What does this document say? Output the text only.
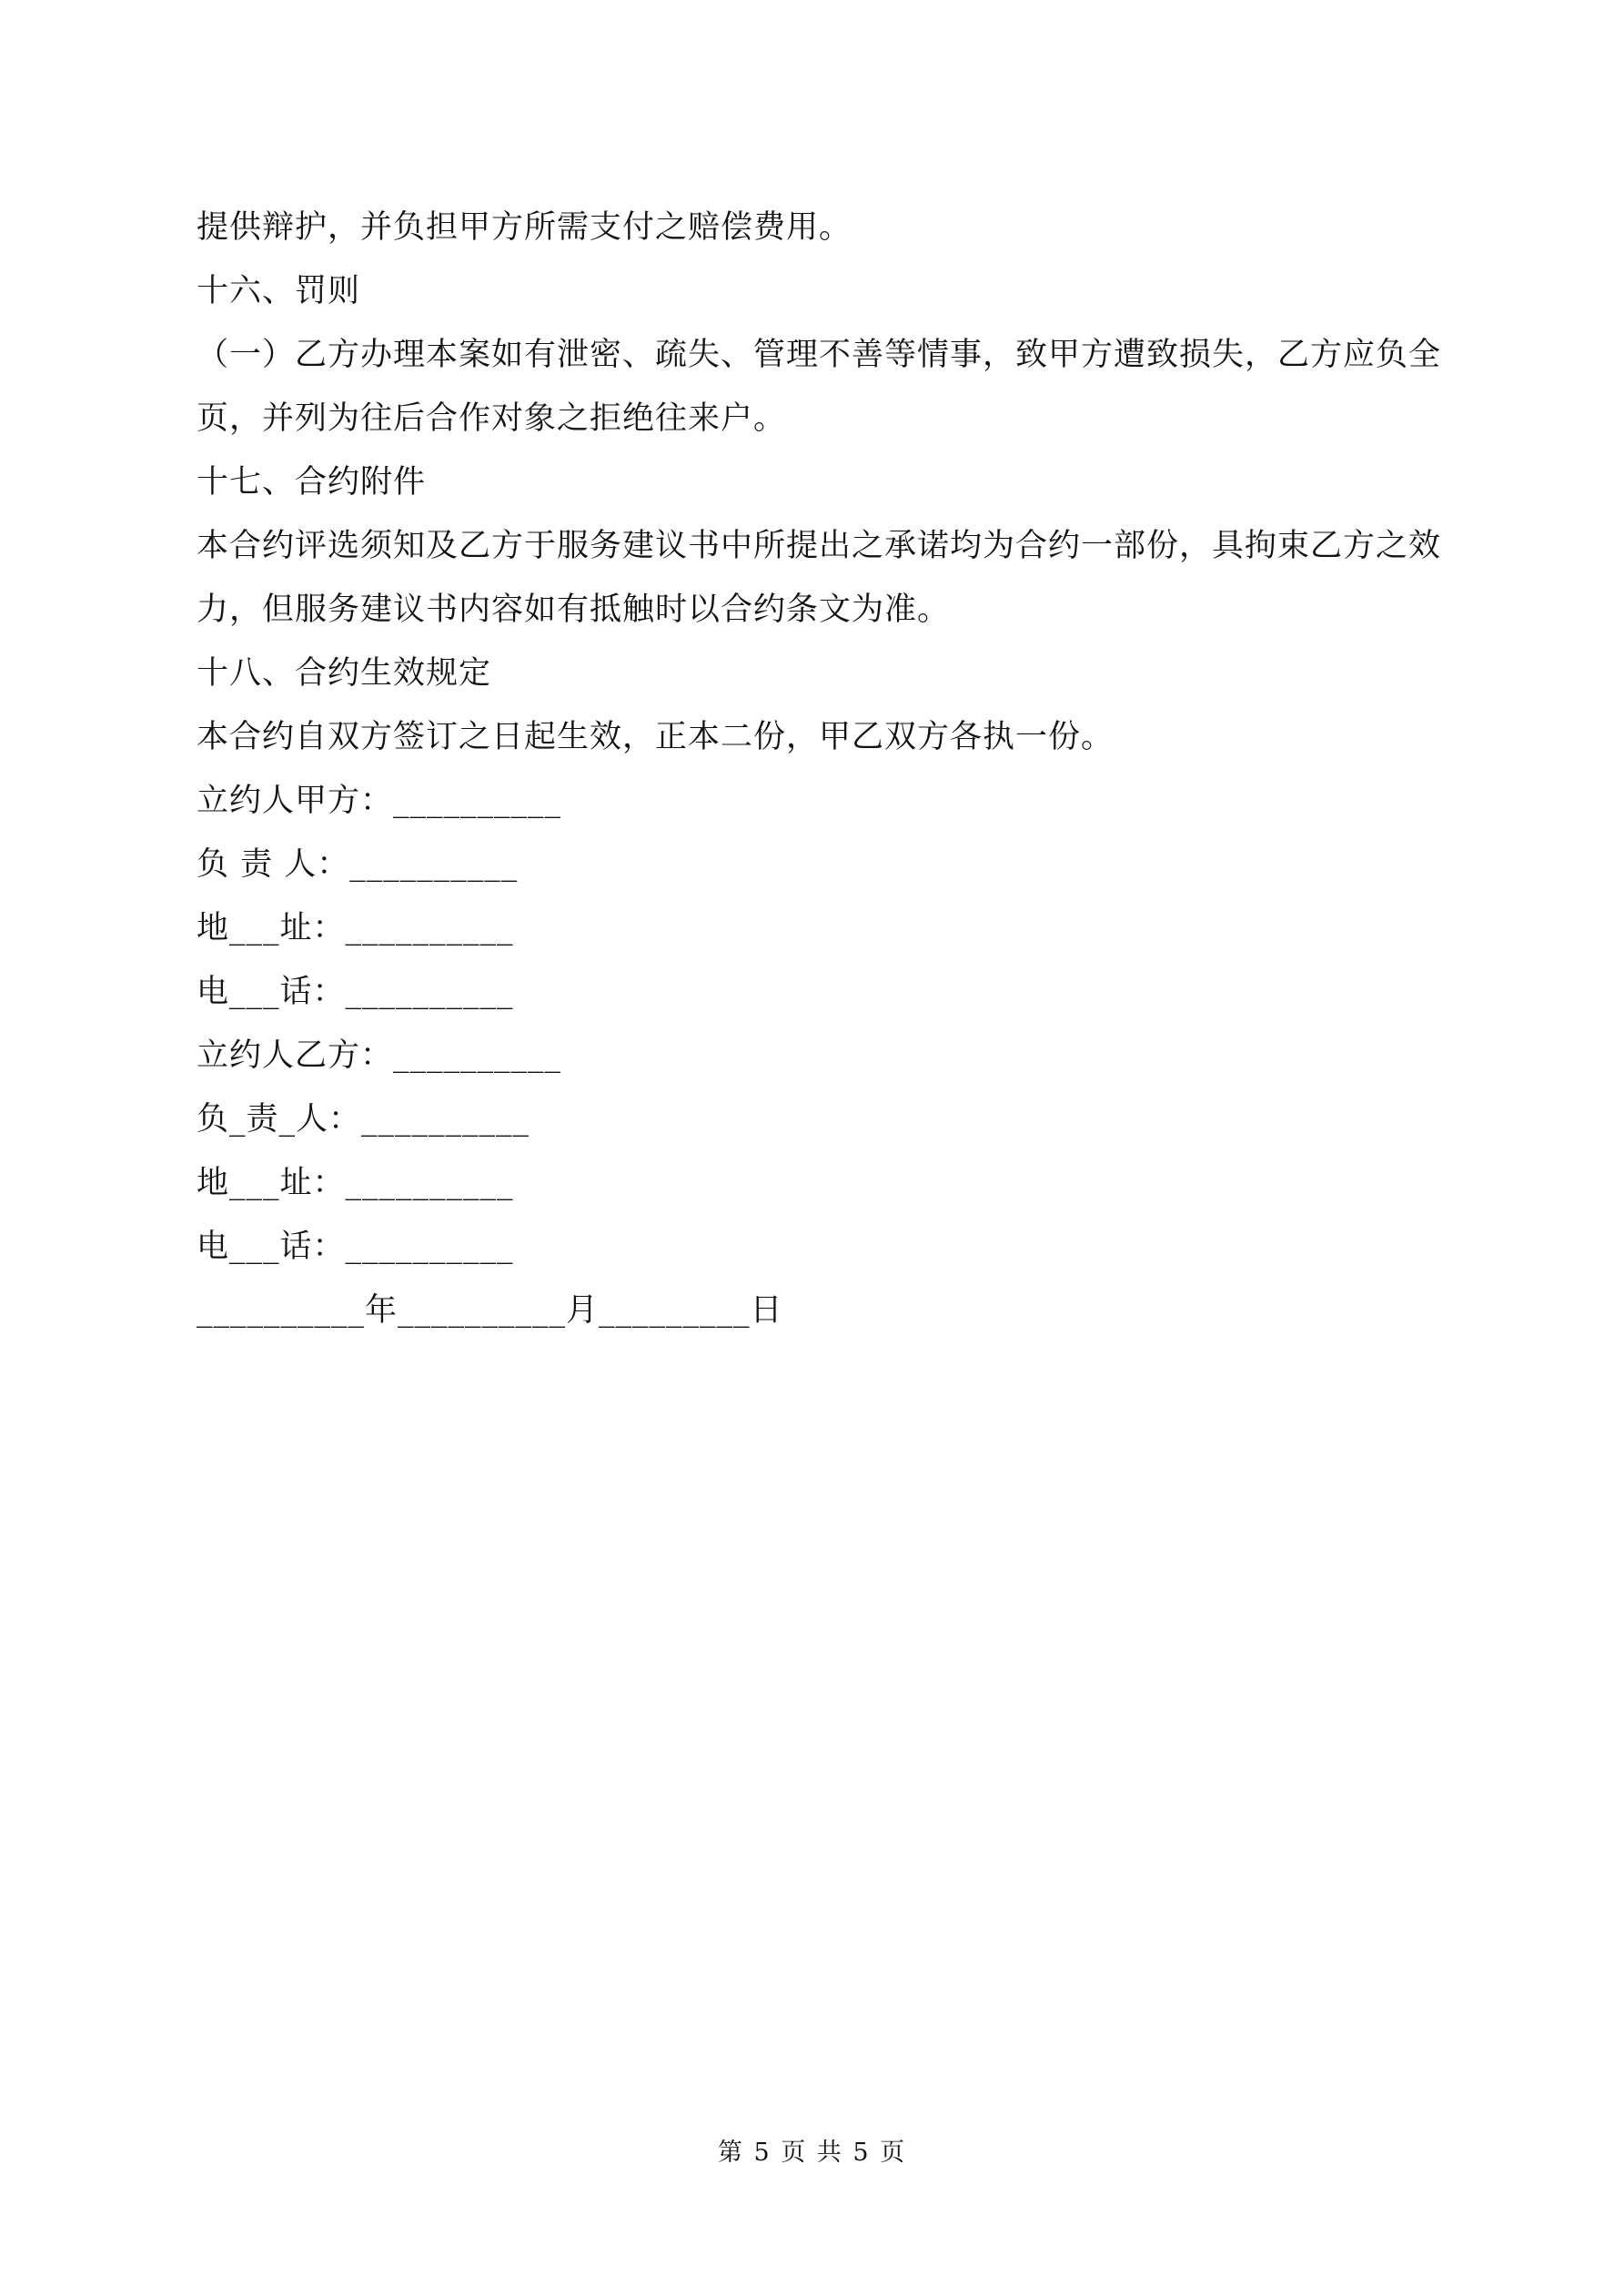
提供辩护，并负担甲方所需支付之赔偿费用。
十六、罚则
（一）乙方办理本案如有泄密、疏失、管理不善等情事，致甲方遭致损失，乙方应负全
页，并列为往后合作对象之拒绝往来户。
十七、合约附件
本合约评选须知及乙方于服务建议书中所提出之承诺均为合约一部份，具拘束乙方之效
力，但服务建议书内容如有抵触时以合约条文为准。
十八、合约生效规定
本合约自双方签订之日起生效，正本二份，甲乙双方各执一份。
立约人甲方：__________
负 责 人：__________
地___址：__________
电___话：__________
立约人乙方：__________
负_责_人：__________
地___址：__________
电___话：__________
__________年__________月_________日
第 5 页 共 5 页
